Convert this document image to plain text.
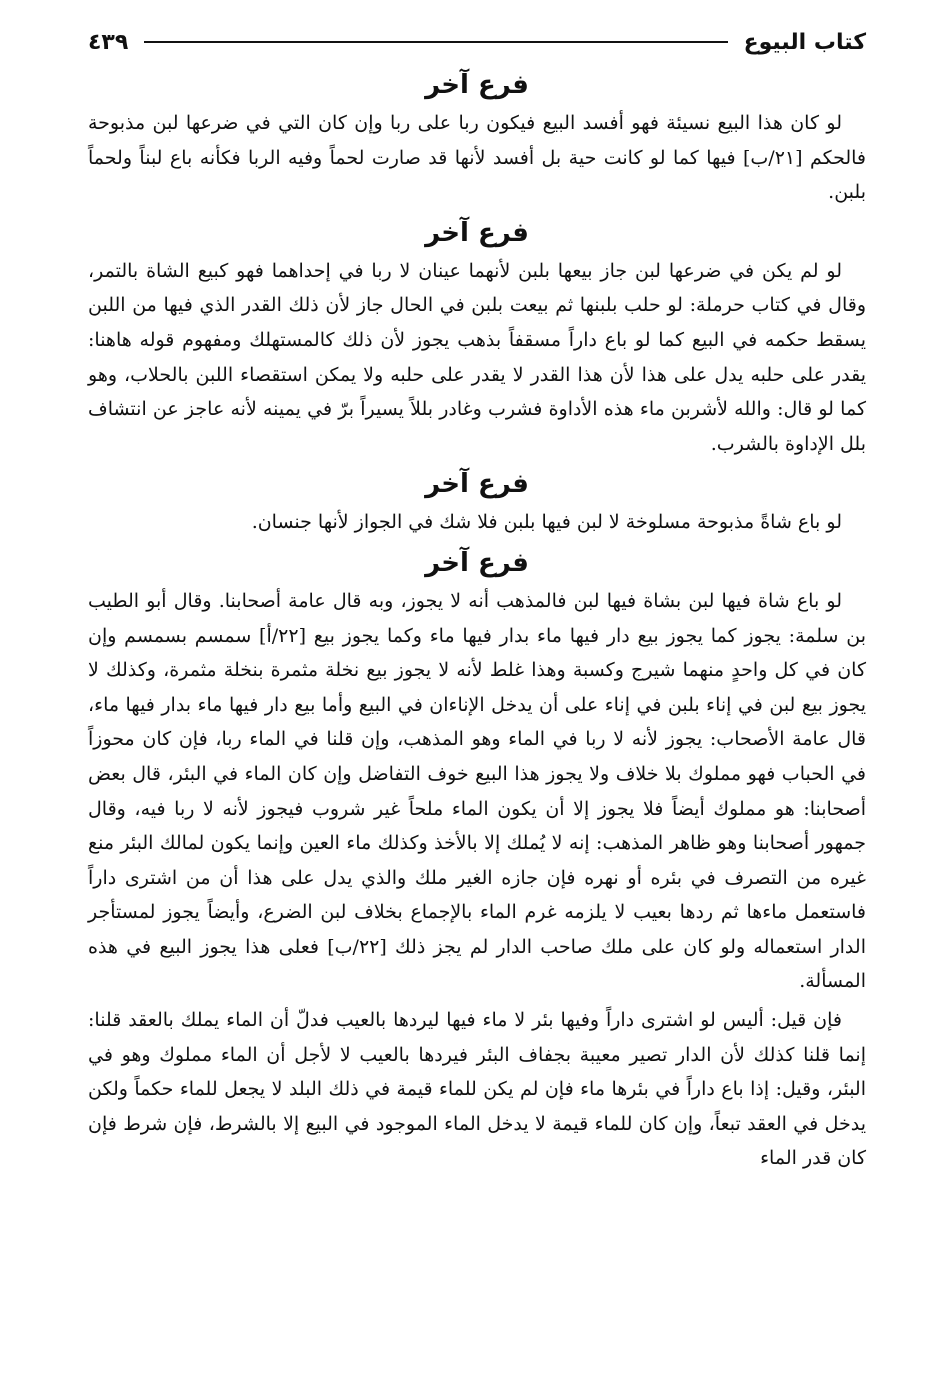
كتاب البيوع
٤٣٩
فرع آخر

لو كان هذا البيع نسيئة فهو أفسد البيع فيكون ربا على ربا وإن كان التي في ضرعها لبن مذبوحة فالحكم [٢١/ب] فيها كما لو كانت حية بل أفسد لأنها قد صارت لحماً وفيه الربا فكأنه باع لبناً ولحماً بلبن.

فرع آخر

لو لم يكن في ضرعها لبن جاز بيعها بلبن لأنهما عينان لا ربا في إحداهما فهو كبيع الشاة بالتمر، وقال في كتاب حرملة: لو حلب بلبنها ثم بيعت بلبن في الحال جاز لأن ذلك القدر الذي فيها من اللبن يسقط حكمه في البيع كما لو باع داراً مسقفاً بذهب يجوز لأن ذلك كالمستهلك ومفهوم قوله هاهنا: يقدر على حلبه يدل على هذا لأن هذا القدر لا يقدر على حلبه ولا يمكن استقصاء اللبن بالحلاب، وهو كما لو قال: والله لأشربن ماء هذه الأداوة فشرب وغادر بللاً يسيراً برّ في يمينه لأنه عاجز عن انتشاف بلل الإداوة بالشرب.

فرع آخر

لو باع شاةً مذبوحة مسلوخة لا لبن فيها بلبن فلا شك في الجواز لأنها جنسان.

فرع آخر

لو باع شاة فيها لبن بشاة فيها لبن فالمذهب أنه لا يجوز، وبه قال عامة أصحابنا. وقال أبو الطيب بن سلمة: يجوز كما يجوز بيع دار فيها ماء بدار فيها ماء وكما يجوز بيع [٢٢/أ] سمسم بسمسم وإن كان في كل واحدٍ منهما شيرج وكسبة وهذا غلط لأنه لا يجوز بيع نخلة مثمرة بنخلة مثمرة، وكذلك لا يجوز بيع لبن في إناء بلبن في إناء على أن يدخل الإناءان في البيع وأما بيع دار فيها ماء بدار فيها ماء، قال عامة الأصحاب: يجوز لأنه لا ربا في الماء وهو المذهب، وإن قلنا في الماء ربا، فإن كان محوزاً في الحباب فهو مملوك بلا خلاف ولا يجوز هذا البيع خوف التفاضل وإن كان الماء في البئر، قال بعض أصحابنا: هو مملوك أيضاً فلا يجوز إلا أن يكون الماء ملحاً غير شروب فيجوز لأنه لا ربا فيه، وقال جمهور أصحابنا وهو ظاهر المذهب: إنه لا يُملك إلا بالأخذ وكذلك ماء العين وإنما يكون لمالك البئر منع غيره من التصرف في بئره أو نهره فإن جازه الغير ملك والذي يدل على هذا أن من اشترى داراً فاستعمل ماءها ثم ردها بعيب لا يلزمه غرم الماء بالإجماع بخلاف لبن الضرع، وأيضاً يجوز لمستأجر الدار استعماله ولو كان على ملك صاحب الدار لم يجز ذلك [٢٢/ب] فعلى هذا يجوز البيع في هذه المسألة.

فإن قيل: أليس لو اشترى داراً وفيها بئر لا ماء فيها ليردها بالعيب فدلّ أن الماء يملك بالعقد قلنا: إنما قلنا كذلك لأن الدار تصير معيبة بجفاف البئر فيردها بالعيب لا لأجل أن الماء مملوك وهو في البئر، وقيل: إذا باع داراً في بئرها ماء فإن لم يكن للماء قيمة في ذلك البلد لا يجعل للماء حكماً ولكن يدخل في العقد تبعاً، وإن كان للماء قيمة لا يدخل الماء الموجود في البيع إلا بالشرط، فإن شرط فإن كان قدر الماء
